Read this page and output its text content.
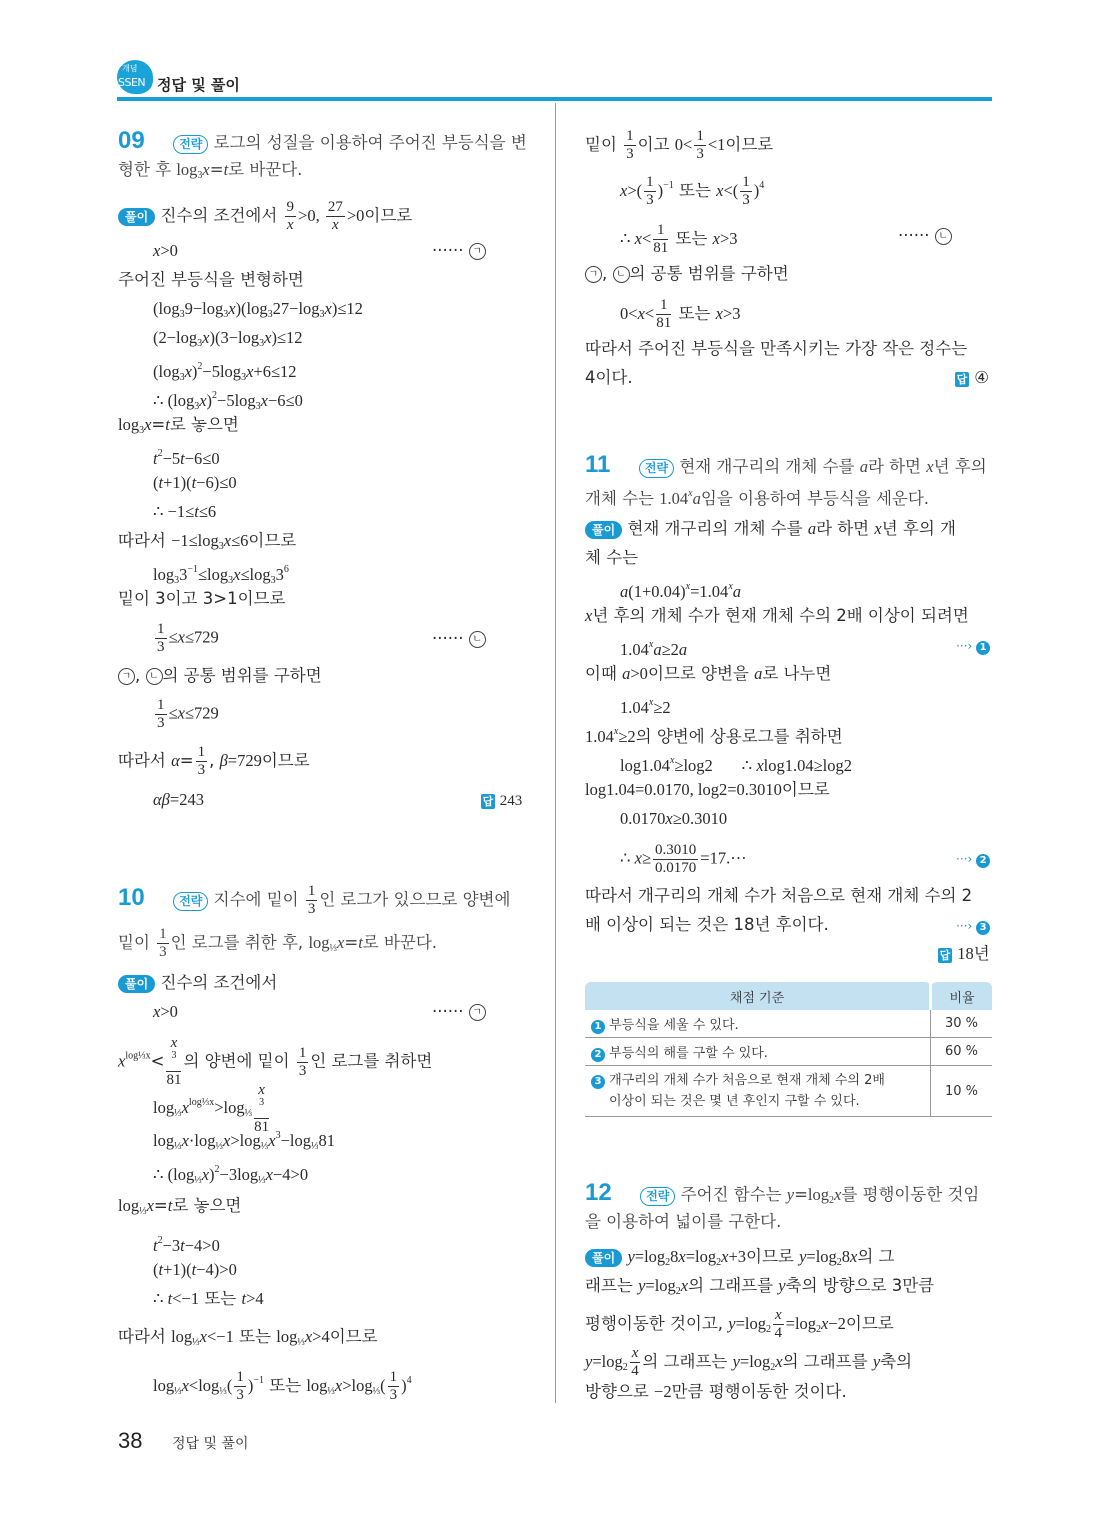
개념
SSEN 정답 및 풀이
09	전략 로그의 성질을 이용하여 주어진 부등식을 변
형한 후 $\log_3x=t$로 바꾼다.
풀이 진수의 조건에서 $\frac{9}{x} >0$, $\frac{27}{x} >0$이므로
x>0	······ ㄱ
주어진 부등식을 변형하면
$(\log_39-\log_3x)(\log_327-\log_3x)\le 12$
$(2-\log_3x)(3-\log_3x)\le 12$
$(\log_3x)^2-5\log_3x+6\le 12$
∴ $(\log_3x)^2-5\log_3x-6\le 0$
$\log_3x=t$로 놓으면
$t^2-5t-6\le 0$
(t+1)(t−6)≤0
∴ −1≤t≤6
따라서 $-1\le\log_3x\le 6$이므로
$\log_33^{-1}\le\log_3x\le\log_33^6$
밑이 3이고 3>1이므로
$\frac{1}{3} \le x\le 729$	······ ㄴ
ㄱ , ㄴ 의 공통 범위를 구하면
$\frac{1}{3} \le x\le 729$
따라서 $\alpha= \frac{1}{3}$ , β=729이므로
αβ=243	답 243
10	전략 지수에 밑이 $\frac{1}{3}$ 인 로그가 있으므로 양변에
밑이 $\frac{1}{3}$ 인 로그를 취한 후, $\log_{\frac{1}{3}}x=t$로 바꾼다.
풀이 진수의 조건에서
x>0	······ ㄱ
$x^{log\frac{1}{3}x}< x$
$^3$
81 의 양변에 밑이 $\frac{1}{3}$ 인 로그를 취하면
$\log_{\frac{1}{3}}x^{log\frac{1}{3}x}>\log_{\frac{1}{3}}$ x
$^3$
81
$\log_{\frac{1}{3}}x\cdot\log_{\frac{1}{3}}x>\log_{\frac{1}{3}}x^3-\log_{\frac{1}{3}}81$
∴ $(\log_{\frac{1}{3}}x)^2-3\log_{\frac{1}{3}}x-4>0$
$\log_{\frac{1}{3}}x=t$로 놓으면
$t^2-3t-4>0$
(t+1)(t−4)>0
∴ t<−1 또는 t>4
따라서 $\log_{\frac{1}{3}}x<-1$ 또는 $\log_{\frac{1}{3}}x>4$이므로
$\log_{\frac{1}{3}}x<\log_{\frac{1}{3}}( \frac{1}{3} )^{-1}$ 또는 $\log_{\frac{1}{3}}x>\log_{\frac{1}{3}}( \frac{1}{3} )^4$
밑이 $\frac{1}{3}$ 이고 $0< \frac{1}{3} <1$이므로
$x>( \frac{1}{3} )^{-1}$ 또는 $x<( \frac{1}{3} )^4$
∴ $x< \frac{1}{81}$ 또는 x>3	······ ㄴ
ㄱ , ㄴ 의 공통 범위를 구하면
$0<x< \frac{1}{81}$ 또는 x>3
따라서 주어진 부등식을 만족시키는 가장 작은 정수는
4이다.	답 ④
11	전략 현재 개구리의 개체 수를 a라 하면 x년 후의
개체 수는 1.04$^x$a임을 이용하여 부등식을 세운다.
풀이 현재 개구리의 개체 수를 a라 하면 x년 후의 개
체 수는
$a(1+0.04)^x=1.04^xa$
x년 후의 개체 수가 현재 개체 수의 2배 이상이 되려면
$1.04^xa\ge 2a$	···› 1
이때 a>0이므로 양변을 a로 나누면
$1.04^x\ge 2$
$1.04^x\ge 2$의 양변에 상용로그를 취하면
$\log 1.04^x\ge\log 2$       ∴ xlog1.04≥log2
log1.04=0.0170, log2=0.3010이므로
0.0170x≥0.3010
∴ $x\ge \frac{0.3010}{0.0170} =17.\cdot\cdot\cdot$	···› 2
따라서 개구리의 개체 수가 처음으로 현재 개체 수의 2
배 이상이 되는 것은 18년 후이다.	···› 3
답 18년
채점 기준	비율
1 부등식을 세울 수 있다.	30 %
2 부등식의 해를 구할 수 있다.	60 %
3 개구리의 개체 수가 처음으로 현재 개체 수의 2배
이상이 되는 것은 몇 년 후인지 구할 수 있다.	10 %
12	전략 주어진 함수는 $y=\log_2x$를 평행이동한 것임
을 이용하여 넓이를 구한다.
풀이 $y=\log_28x=\log_2x+3$이므로 $y=\log_28x$의 그
래프는 $y=\log_2x$의 그래프를 y축의 방향으로 3만큼
평행이동한 것이고, $y=\log_2 \frac{x}{4} =\log_2x-2$이므로
$y=\log_2 \frac{x}{4}$ 의 그래프는 $y=\log_2x$의 그래프를 y축의
방향으로 −2만큼 평행이동한 것이다.
38 정답 및 풀이
